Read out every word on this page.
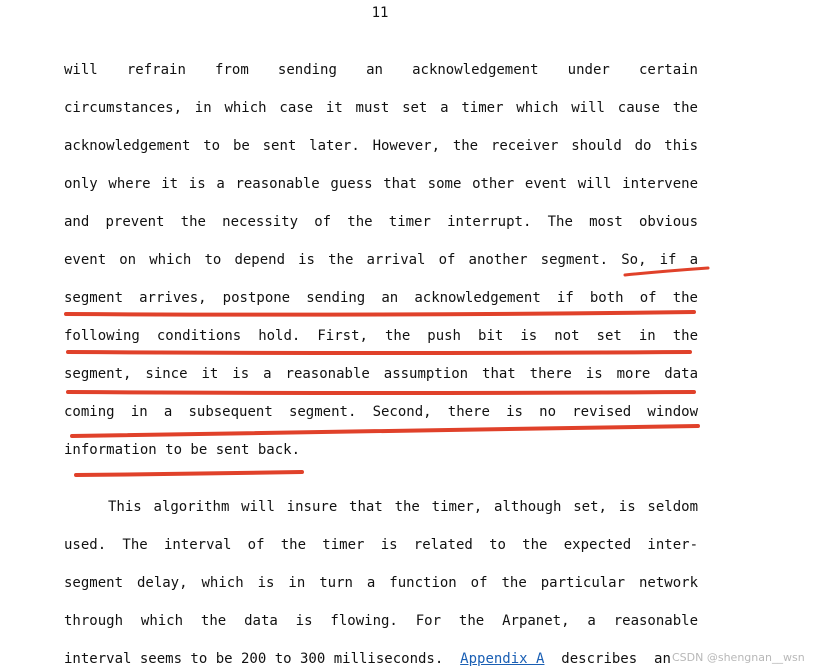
11
will refrain from sending an acknowledgement under certain
circumstances, in which case it must set a timer which will cause the
acknowledgement to be sent later. However, the receiver should do this
only where it is a reasonable guess that some other event will intervene
and prevent the necessity of the timer interrupt. The most obvious
event on which to depend is the arrival of another segment. So, if a
segment arrives, postpone sending an acknowledgement if both of the
following conditions hold. First, the push bit is not set in the
segment, since it is a reasonable assumption that there is more data
coming in a subsequent segment. Second, there is no revised window
information to be sent back.
This algorithm will insure that the timer, although set, is seldom
used. The interval of the timer is related to the expected inter-
segment delay, which is in turn a function of the particular network
through which the data is flowing. For the Arpanet, a reasonable
interval seems to be 200 to 300 milliseconds.  Appendix A  describes  an CSDN @shengnan__wsn
